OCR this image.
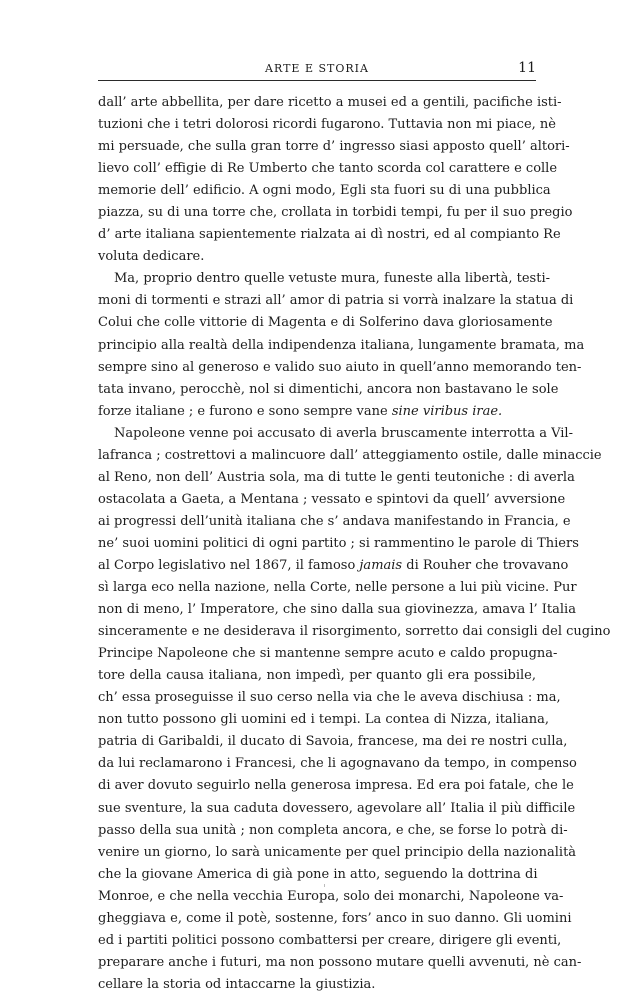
ARTE E STORIA	11
dall’ arte abbellita, per dare ricetto a musei ed a gentili, pacifiche isti-
tuzioni che i tetri dolorosi ricordi fugarono. Tuttavia non mi piace, nè
mi persuade, che sulla gran torre d’ ingresso siasi apposto quell’ altori-
lievo coll’ effigie di Re Umberto che tanto scorda col carattere e colle
memorie dell’ edificio. A ogni modo, Egli sta fuori su di una pubblica
piazza, su di una torre che, crollata in torbidi tempi, fu per il suo pregio
d’ arte italiana sapientemente rialzata ai dì nostri, ed al compianto Re
voluta dedicare.
Ma, proprio dentro quelle vetuste mura, funeste alla libertà, testi-
moni di tormenti e strazi all’ amor di patria si vorrà inalzare la statua di
Colui che colle vittorie di Magenta e di Solferino dava gloriosamente
principio alla realtà della indipendenza italiana, lungamente bramata, ma
sempre sino al generoso e valido suo aiuto in quell’anno memorando ten-
tata invano, perocchè, nol si dimentichi, ancora non bastavano le sole
forze italiane ; e furono e sono sempre vane sine viribus irae.
Napoleone venne poi accusato di averla bruscamente interrotta a Vil-
lafranca ; costrettovi a malincuore dall’ atteggiamento ostile, dalle minaccie
al Reno, non dell’ Austria sola, ma di tutte le genti teutoniche : di averla
ostacolata a Gaeta, a Mentana ; vessato e spintovi da quell’ avversione
ai progressi dell’unità italiana che s’ andava manifestando in Francia, e
ne’ suoi uomini politici di ogni partito ; si rammentino le parole di Thiers
al Corpo legislativo nel 1867, il famoso jamais di Rouher che trovavano
sì larga eco nella nazione, nella Corte, nelle persone a lui più vicine. Pur
non di meno, l’ Imperatore, che sino dalla sua giovinezza, amava l’ Italia
sinceramente e ne desiderava il risorgimento, sorretto dai consigli del cugino
Principe Napoleone che si mantenne sempre acuto e caldo propugna-
tore della causa italiana, non impedì, per quanto gli era possibile,
ch’ essa proseguisse il suo cerso nella via che le aveva dischiusa : ma,
non tutto possono gli uomini ed i tempi. La contea di Nizza, italiana,
patria di Garibaldi, il ducato di Savoia, francese, ma dei re nostri culla,
da lui reclamarono i Francesi, che li agognavano da tempo, in compenso
di aver dovuto seguirlo nella generosa impresa. Ed era poi fatale, che le
sue sventure, la sua caduta dovessero, agevolare all’ Italia il più difficile
passo della sua unità ; non completa ancora, e che, se forse lo potrà di-
venire un giorno, lo sarà unicamente per quel principio della nazionalità
che la giovane America di già pone in atto, seguendo la dottrina di
Monroe, e che nella vecchia Europa, solo dei monarchi, Napoleone va-
gheggiava e, come il potè, sostenne, fors’ anco in suo danno. Gli uomini
ed i partiti politici possono combattersi per creare, dirigere gli eventi,
preparare anche i futuri, ma non possono mutare quelli avvenuti, nè can-
cellare la storia od intaccarne la giustizia.
